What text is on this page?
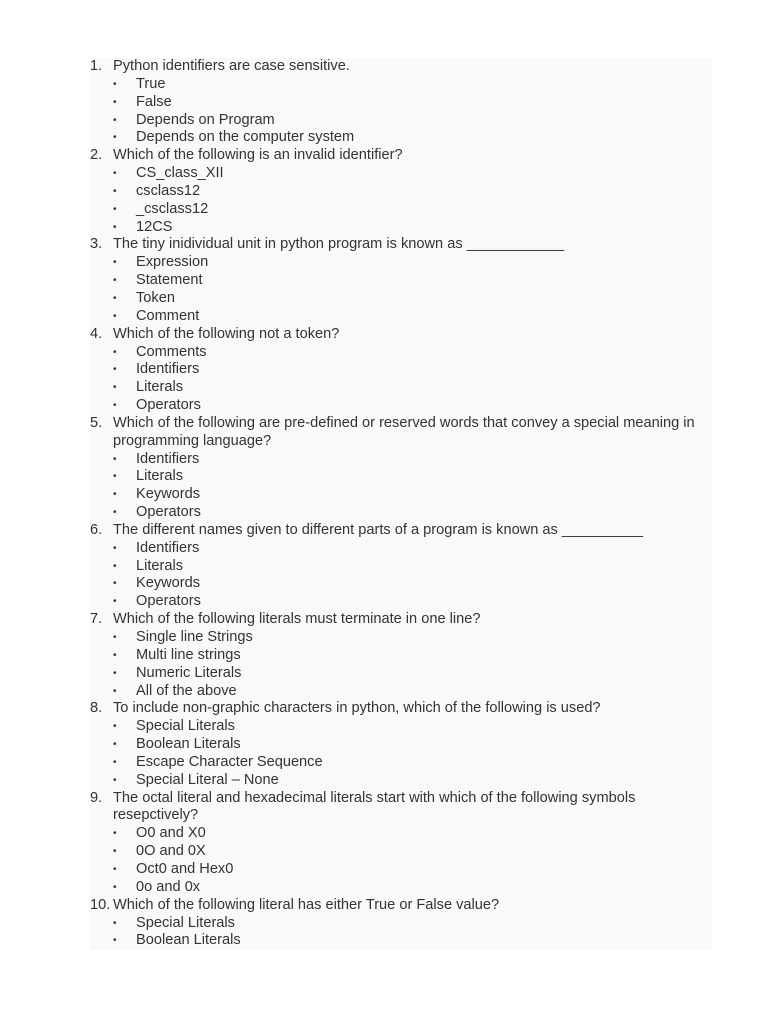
1. Python identifiers are case sensitive.
• True
• False
• Depends on Program
• Depends on the computer system
2. Which of the following is an invalid identifier?
• CS_class_XII
• csclass12
• _csclass12
• 12CS
3. The tiny inidividual unit in python program is known as ____________
• Expression
• Statement
• Token
• Comment
4. Which of the following not a token?
• Comments
• Identifiers
• Literals
• Operators
5. Which of the following are pre-defined or reserved words that convey a special meaning in programming language?
• Identifiers
• Literals
• Keywords
• Operators
6. The different names given to different parts of a program is known as __________
• Identifiers
• Literals
• Keywords
• Operators
7. Which of the following literals must terminate in one line?
• Single line Strings
• Multi line strings
• Numeric Literals
• All of the above
8. To include non-graphic characters in python, which of the following is used?
• Special Literals
• Boolean Literals
• Escape Character Sequence
• Special Literal – None
9. The octal literal and hexadecimal literals start with which of the following symbols resepctively?
• O0 and X0
• 0O and 0X
• Oct0 and Hex0
• 0o and 0x
10. Which of the following literal has either True or False value?
• Special Literals
• Boolean Literals
